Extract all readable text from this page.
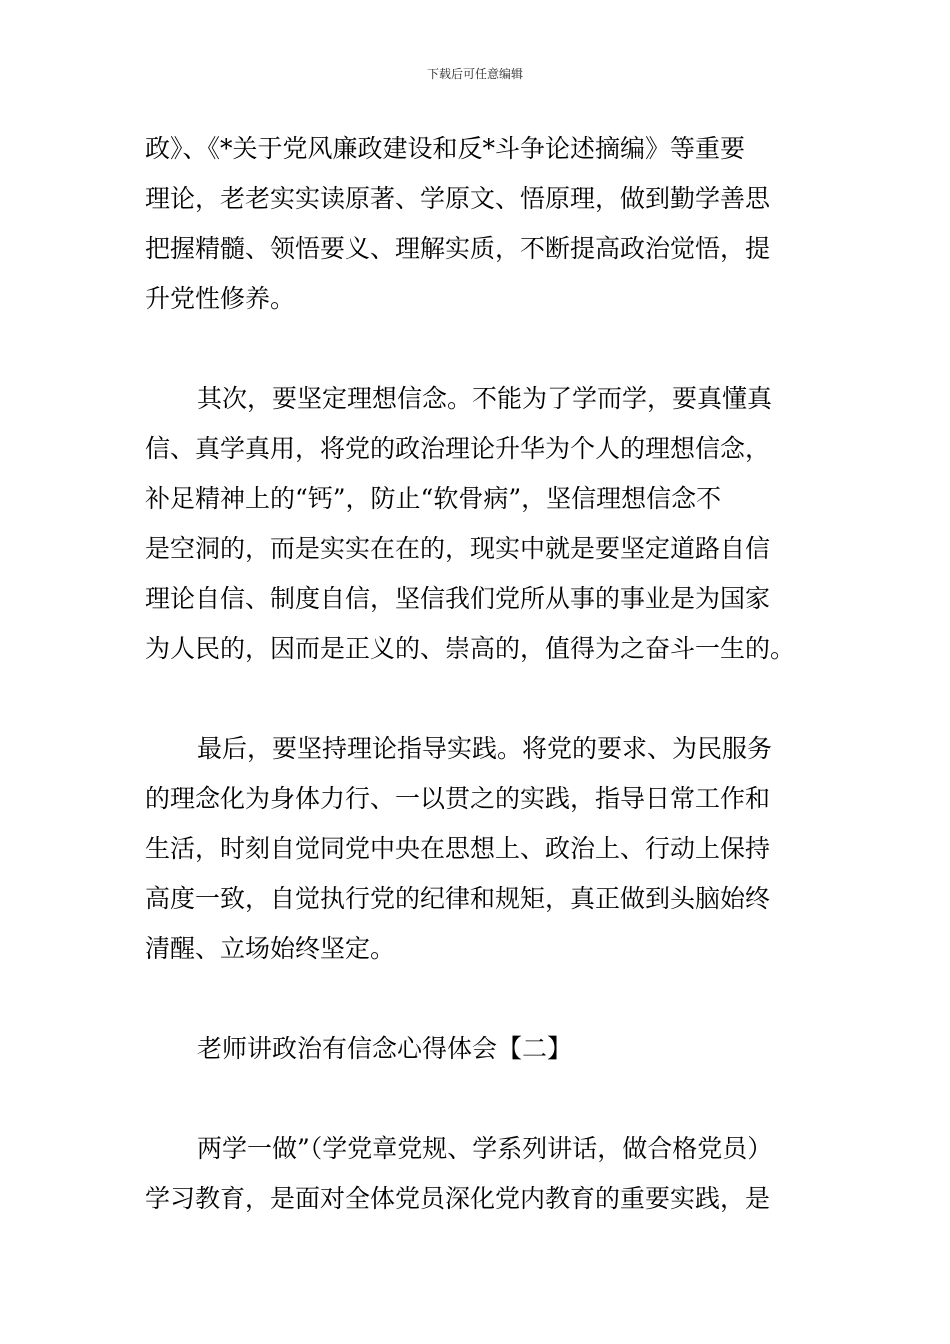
下载后可任意编辑
政》、《*关于党风廉政建设和反*斗争论述摘编》等重要
理论，老老实实读原著、学原文、悟原理，做到勤学善思
把握精髓、领悟要义、理解实质，不断提高政治觉悟，提
升党性修养。
其次，要坚定理想信念。不能为了学而学，要真懂真
信、真学真用，将党的政治理论升华为个人的理想信念，
补足精神上的“钙”，防止“软骨病”，坚信理想信念不
是空洞的，而是实实在在的，现实中就是要坚定道路自信
理论自信、制度自信，坚信我们党所从事的事业是为国家
为人民的，因而是正义的、崇高的，值得为之奋斗一生的。
最后，要坚持理论指导实践。将党的要求、为民服务
的理念化为身体力行、一以贯之的实践，指导日常工作和
生活，时刻自觉同党中央在思想上、政治上、行动上保持
高度一致，自觉执行党的纪律和规矩，真正做到头脑始终
清醒、立场始终坚定。
老师讲政治有信念心得体会【二】
两学一做”（学党章党规、学系列讲话，做合格党员）
学习教育，是面对全体党员深化党内教育的重要实践，是
